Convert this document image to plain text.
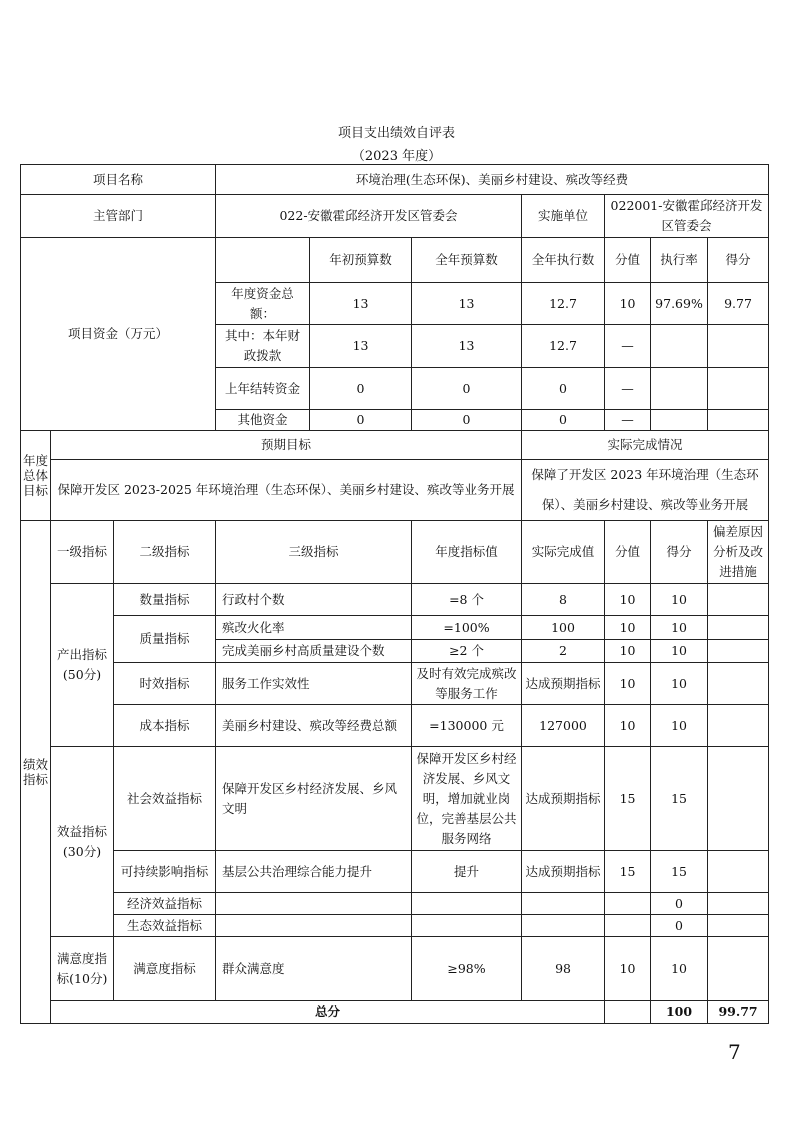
项目支出绩效自评表
（2023 年度）
项目名称			环境治理(生态环保)、美丽乡村建设、殡改等经费							
主管部门			022-安徽霍邱经济开发区管委会			实施单位	022001-安徽霍邱经济开发区管委会			
项目资金（万元）				年初预算数	全年预算数	全年执行数	分值	执行率	得分	
			年度资金总额：	13	13	12.7	10	97.69%	9.77	
			其中：本年财政拨款	13	13	12.7	—			
			上年结转资金	0	0	0	—			
			其他资金	0	0	0	—			
年度总体目标	预期目标					实际完成情况				
	保障开发区 2023-2025 年环境治理（生态环保）、美丽乡村建设、殡改等业务开展					保障了开发区 2023 年环境治理（生态环保）、美丽乡村建设、殡改等业务开展				
绩效指标	一级指标	二级指标	三级指标		年度指标值	实际完成值	分值	得分	偏差原因分析及改进措施	
	产出指标(50分)	数量指标	行政村个数		=8 个	8	10	10		
		质量指标	殡改火化率		=100%	100	10	10		
			完成美丽乡村高质量建设个数		≥2 个	2	10	10		
		时效指标	服务工作实效性		及时有效完成殡改等服务工作	达成预期指标	10	10		
		成本指标	美丽乡村建设、殡改等经费总额		=130000 元	127000	10	10		
	效益指标(30分)	社会效益指标	保障开发区乡村经济发展、乡风文明		保障开发区乡村经济发展、乡风文明，增加就业岗位，完善基层公共服务网络	达成预期指标	15	15		
		可持续影响指标	基层公共治理综合能力提升		提升	达成预期指标	15	15		
		经济效益指标						0		
		生态效益指标						0		
	满意度指标(10分)	满意度指标	群众满意度		≥98%	98	10	10		
	总分							100	99.77	
7
